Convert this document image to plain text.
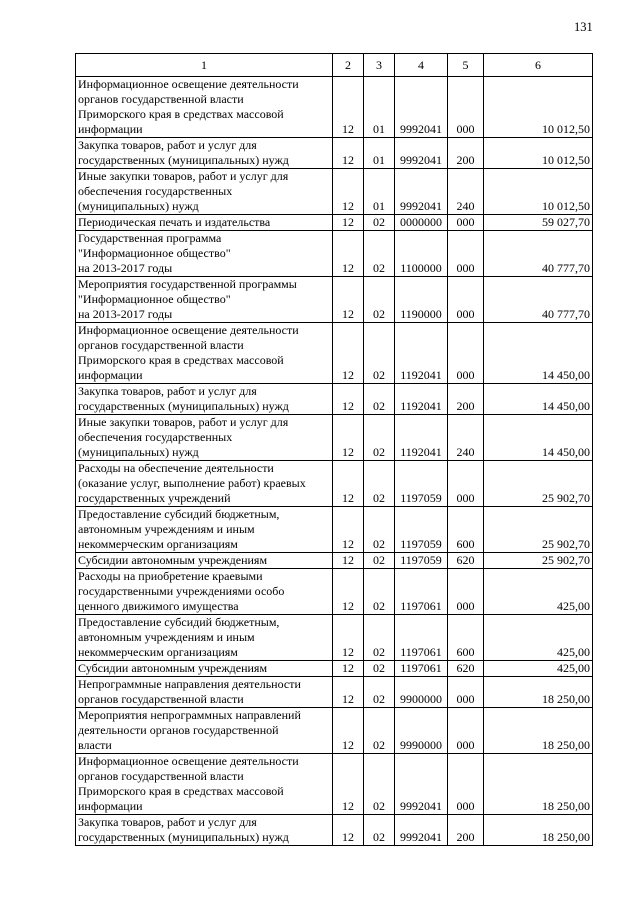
131
1	2	3	4	5	6
Информационное освещение деятельности
органов государственной власти
Приморского края в средствах массовой
информации	12	01	9992041	000	10 012,50
Закупка товаров, работ и услуг для
государственных (муниципальных) нужд	12	01	9992041	200	10 012,50
Иные закупки товаров, работ и услуг для
обеспечения государственных
(муниципальных) нужд	12	01	9992041	240	10 012,50
Периодическая печать и издательства	12	02	0000000	000	59 027,70
Государственная программа
"Информационное общество"
на 2013-2017 годы	12	02	1100000	000	40 777,70
Мероприятия государственной программы
"Информационное общество"
на 2013-2017 годы	12	02	1190000	000	40 777,70
Информационное освещение деятельности
органов государственной власти
Приморского края в средствах массовой
информации	12	02	1192041	000	14 450,00
Закупка товаров, работ и услуг для
государственных (муниципальных) нужд	12	02	1192041	200	14 450,00
Иные закупки товаров, работ и услуг для
обеспечения государственных
(муниципальных) нужд	12	02	1192041	240	14 450,00
Расходы на обеспечение деятельности
(оказание услуг, выполнение работ) краевых
государственных учреждений	12	02	1197059	000	25 902,70
Предоставление субсидий бюджетным,
автономным учреждениям и иным
некоммерческим организациям	12	02	1197059	600	25 902,70
Субсидии автономным учреждениям	12	02	1197059	620	25 902,70
Расходы на приобретение краевыми
государственными учреждениями особо
ценного движимого имущества	12	02	1197061	000	425,00
Предоставление субсидий бюджетным,
автономным учреждениям и иным
некоммерческим организациям	12	02	1197061	600	425,00
Субсидии автономным учреждениям	12	02	1197061	620	425,00
Непрограммные направления деятельности
органов государственной власти	12	02	9900000	000	18 250,00
Мероприятия непрограммных направлений
деятельности органов государственной
власти	12	02	9990000	000	18 250,00
Информационное освещение деятельности
органов государственной власти
Приморского края в средствах массовой
информации	12	02	9992041	000	18 250,00
Закупка товаров, работ и услуг для
государственных (муниципальных) нужд	12	02	9992041	200	18 250,00
